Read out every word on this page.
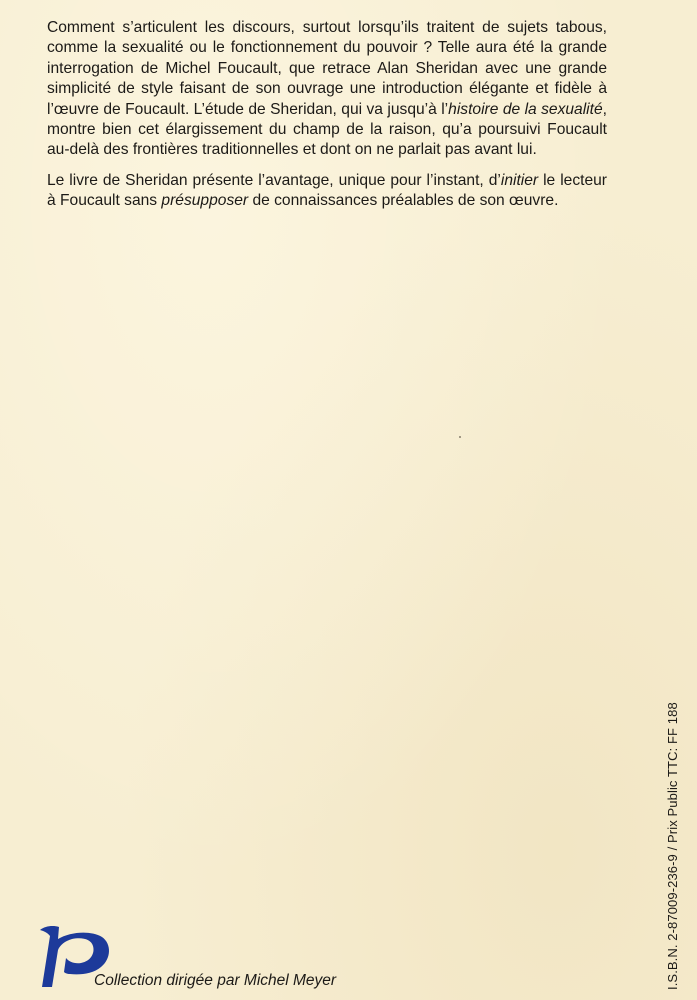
Comment s’articulent les discours, surtout lorsqu’ils traitent de sujets tabous, comme la sexualité ou le fonctionnement du pouvoir ? Telle aura été la grande interrogation de Michel Foucault, que retrace Alan Sheridan avec une grande simplicité de style faisant de son ouvrage une introduction élégante et fidèle à l’œuvre de Foucault. L’étude de Sheridan, qui va jusqu’à l’histoire de la sexualité, montre bien cet élargissement du champ de la raison, qu’a poursuivi Foucault au-delà des frontières traditionnelles et dont on ne parlait pas avant lui.

Le livre de Sheridan présente l’avantage, unique pour l’instant, d’initier le lecteur à Foucault sans présupposer de connaissances préalables de son œuvre.

I.S.B.N. 2-87009-236-9 / Prix Public TTC: FF 188
Collection dirigée par Michel Meyer
